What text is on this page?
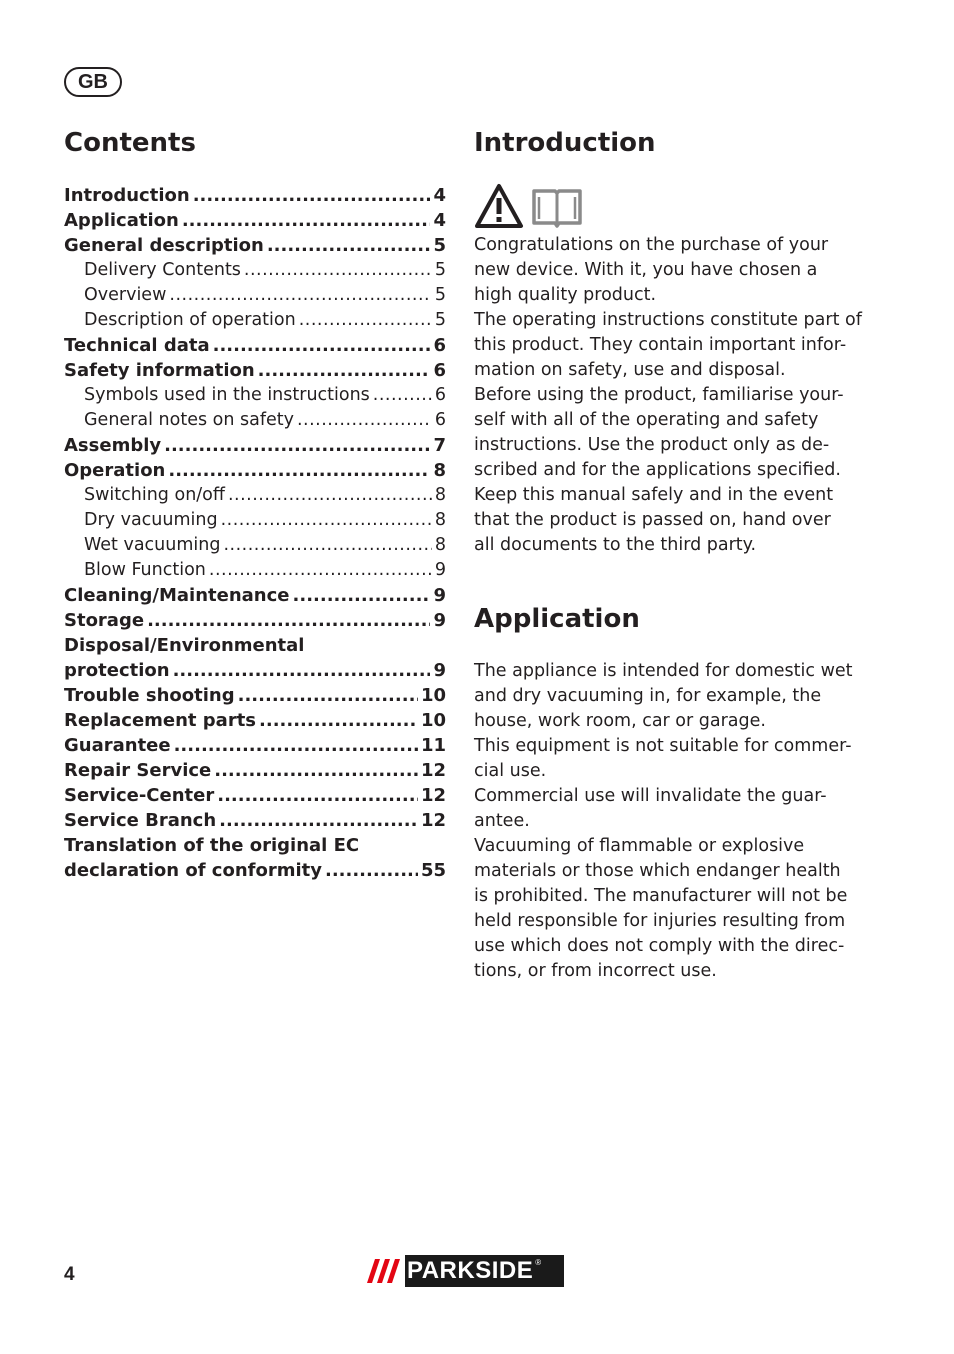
GB
Contents
Introduction .....	4
Application .....	4
General description .....	5
Delivery Contents .....	5
Overview .....	5
Description of operation .....	5
Technical data .....	6
Safety information .....	6
Symbols used in the instructions .....	6
General notes on safety .....	6
Assembly .....	7
Operation .....	8
Switching on/off .....	8
Dry vacuuming .....	8
Wet vacuuming .....	8
Blow Function .....	9
Cleaning/Maintenance .....	9
Storage .....	9
Disposal/Environmental
protection .....	9
Trouble shooting .....	10
Replacement parts .....	10
Guarantee .....	11
Repair Service .....	12
Service-Center .....	12
Service Branch .....	12
Translation of the original EC
declaration of conformity .....	55
Introduction

Congratulations on the purchase of your
new device. With it, you have chosen a
high quality product.
The operating instructions constitute part of
this product. They contain important infor-
mation on safety, use and disposal.
Before using the product, familiarise your-
self with all of the operating and safety
instructions. Use the product only as de-
scribed and for the applications specified.
Keep this manual safely and in the event
that the product is passed on, hand over
all documents to the third party.

Application

The appliance is intended for domestic wet
and dry vacuuming in, for example, the
house, work room, car or garage.
This equipment is not suitable for commer-
cial use.
Commercial use will invalidate the guar-
antee.
Vacuuming of flammable or explosive
materials or those which endanger health
is prohibited. The manufacturer will not be
held responsible for injuries resulting from
use which does not comply with the direc-
tions, or from incorrect use.

4	PARKSIDE ®
